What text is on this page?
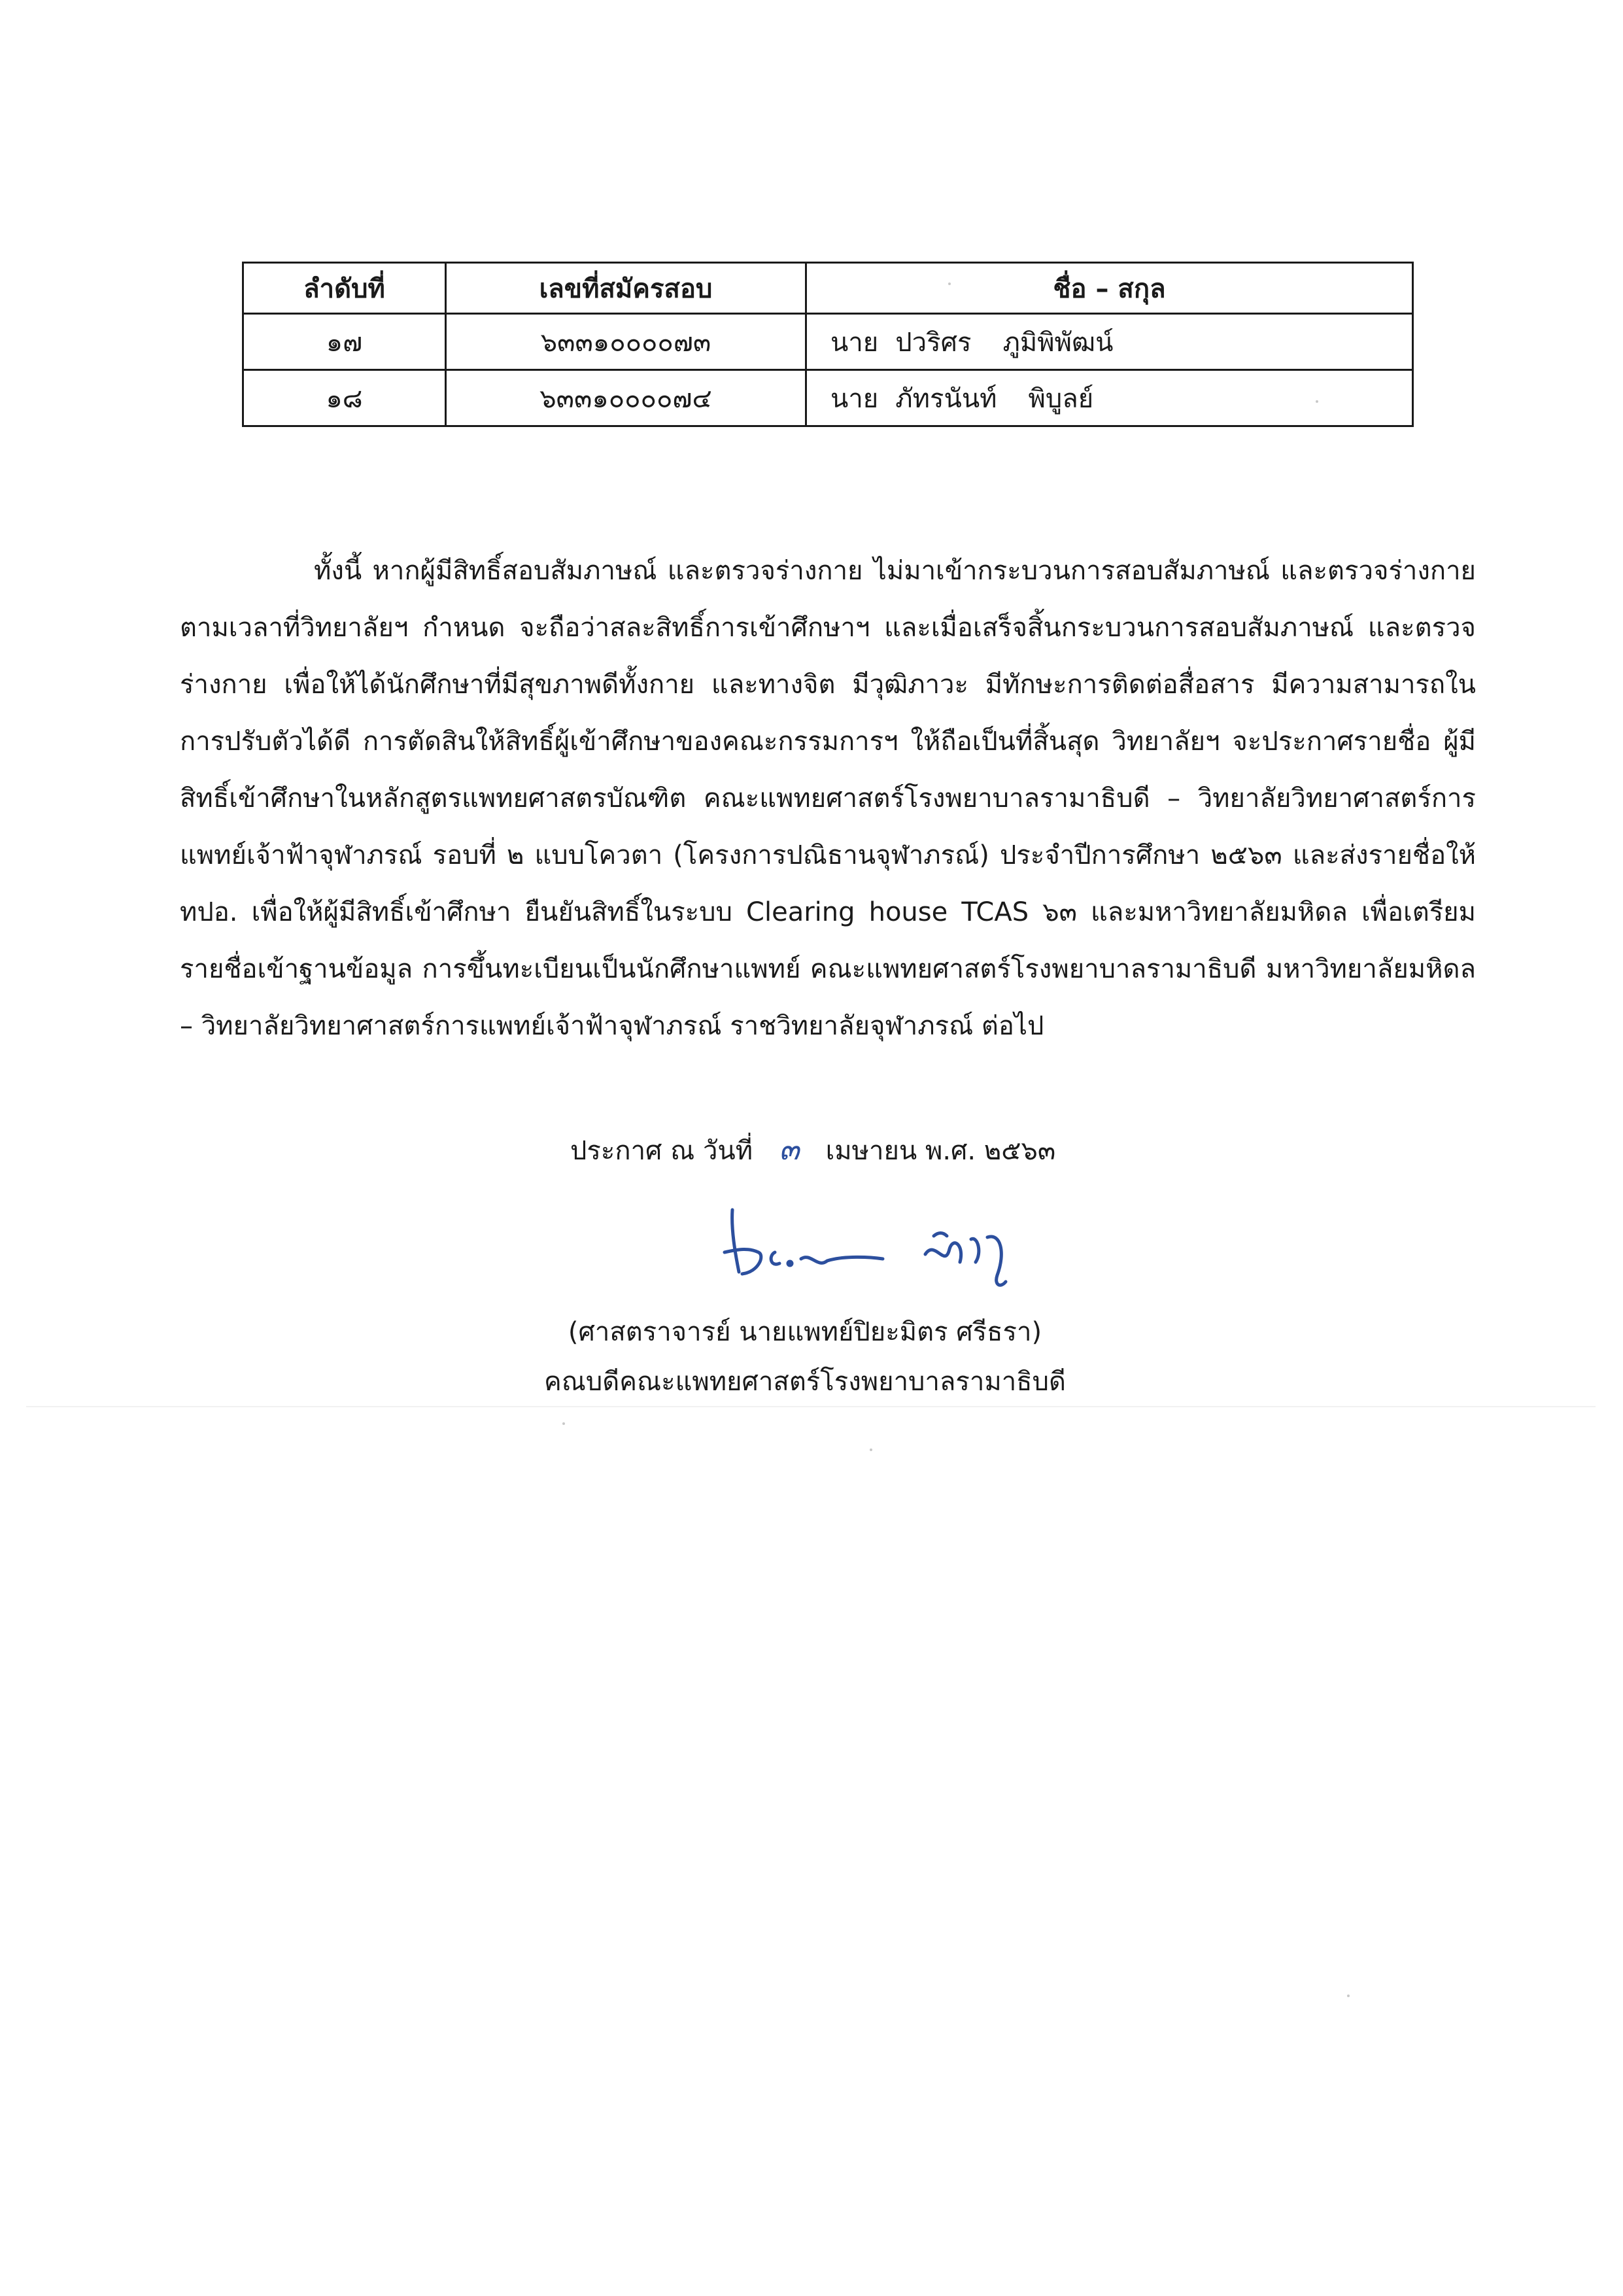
ลำดับที่	เลขที่สมัครสอบ	ชื่อ – สกุล
๑๗	๖๓๓๑๐๐๐๐๗๓	นาย ปวริศร ภูมิพิพัฒน์
๑๘	๖๓๓๑๐๐๐๐๗๔	นาย ภัทรนันท์ พิบูลย์

ทั้งนี้ หากผู้มีสิทธิ์สอบสัมภาษณ์ และตรวจร่างกาย ไม่มาเข้ากระบวนการสอบสัมภาษณ์ และตรวจร่างกาย ตามเวลาที่วิทยาลัยฯ กำหนด จะถือว่าสละสิทธิ์การเข้าศึกษาฯ และเมื่อเสร็จสิ้นกระบวนการสอบสัมภาษณ์ และตรวจร่างกาย เพื่อให้ได้นักศึกษาที่มีสุขภาพดีทั้งกาย และทางจิต มีวุฒิภาวะ มีทักษะการติดต่อสื่อสาร มีความสามารถในการปรับตัวได้ดี การตัดสินให้สิทธิ์ผู้เข้าศึกษาของคณะกรรมการฯ ให้ถือเป็นที่สิ้นสุด วิทยาลัยฯ จะประกาศรายชื่อ ผู้มีสิทธิ์เข้าศึกษาในหลักสูตรแพทยศาสตรบัณฑิต คณะแพทยศาสตร์โรงพยาบาลรามาธิบดี – วิทยาลัยวิทยาศาสตร์การแพทย์เจ้าฟ้าจุฬาภรณ์ รอบที่ ๒ แบบโควตา (โครงการปณิธานจุฬาภรณ์) ประจำปีการศึกษา ๒๕๖๓ และส่งรายชื่อให้ ทปอ. เพื่อให้ผู้มีสิทธิ์เข้าศึกษา ยืนยันสิทธิ์ในระบบ Clearing house TCAS ๖๓ และมหาวิทยาลัยมหิดล เพื่อเตรียมรายชื่อเข้าฐานข้อมูล การขึ้นทะเบียนเป็นนักศึกษาแพทย์ คณะแพทยศาสตร์โรงพยาบาลรามาธิบดี มหาวิทยาลัยมหิดล – วิทยาลัยวิทยาศาสตร์การแพทย์เจ้าฟ้าจุฬาภรณ์ ราชวิทยาลัยจุฬาภรณ์ ต่อไป

ประกาศ ณ วันที่ ๓ เมษายน พ.ศ. ๒๕๖๓
(ศาสตราจารย์ นายแพทย์ปิยะมิตร ศรีธรา)
คณบดีคณะแพทยศาสตร์โรงพยาบาลรามาธิบดี
